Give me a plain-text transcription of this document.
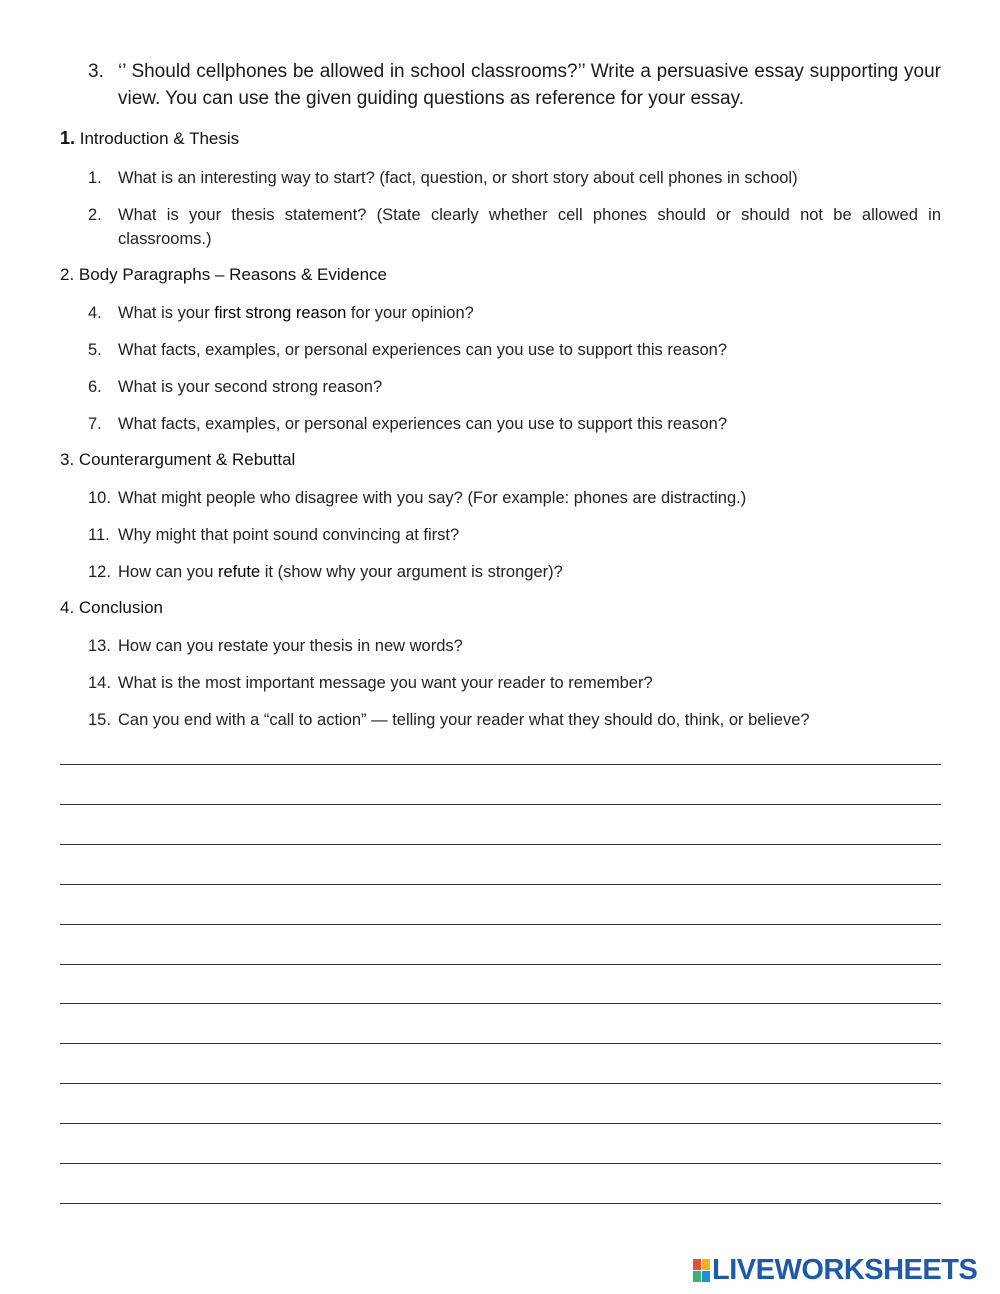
3. ‘’ Should cellphones be allowed in school classrooms?’’ Write a persuasive essay supporting your view. You can use the given guiding questions as reference for your essay.
1. Introduction & Thesis
1. What is an interesting way to start? (fact, question, or short story about cell phones in school)
2. What is your thesis statement? (State clearly whether cell phones should or should not be allowed in classrooms.)
2. Body Paragraphs – Reasons & Evidence
4. What is your first strong reason for your opinion?
5. What facts, examples, or personal experiences can you use to support this reason?
6. What is your second strong reason?
7. What facts, examples, or personal experiences can you use to support this reason?
3. Counterargument & Rebuttal
10. What might people who disagree with you say? (For example: phones are distracting.)
11. Why might that point sound convincing at first?
12. How can you refute it (show why your argument is stronger)?
4. Conclusion
13. How can you restate your thesis in new words?
14. What is the most important message you want your reader to remember?
15. Can you end with a “call to action” — telling your reader what they should do, think, or believe?
LIVEWORKSHEETS
